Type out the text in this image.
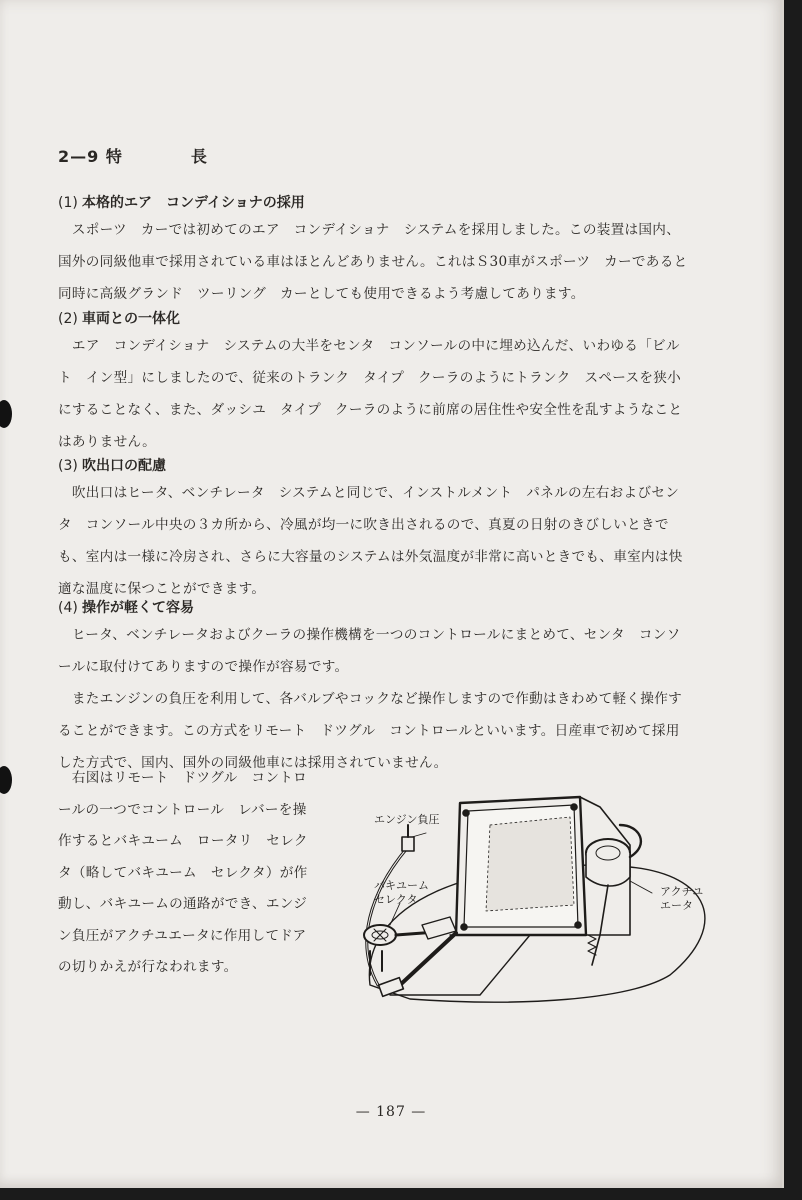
2—9 特　　　　長
(1) 本格的エア　コンデイショナの採用
　スポーツ　カーでは初めてのエア　コンデイショナ　システムを採用しました。この装置は国内、
国外の同級他車で採用されている車はほとんどありません。これはＳ30車がスポーツ　カーであると
同時に高級グランド　ツーリング　カーとしても使用できるよう考慮してあります。
(2) 車両との一体化
　エア　コンデイショナ　システムの大半をセンタ　コンソールの中に埋め込んだ、いわゆる「ビル
ト　イン型」にしましたので、従来のトランク　タイプ　クーラのようにトランク　スペースを狭小
にすることなく、また、ダッシユ　タイプ　クーラのように前席の居住性や安全性を乱すようなこと
はありません。
(3) 吹出口の配慮
　吹出口はヒータ、ベンチレータ　システムと同じで、インストルメント　パネルの左右およびセン
タ　コンソール中央の３カ所から、冷風が均一に吹き出されるので、真夏の日射のきびしいときで
も、室内は一様に冷房され、さらに大容量のシステムは外気温度が非常に高いときでも、車室内は快
適な温度に保つことができます。
(4) 操作が軽くて容易
　ヒータ、ベンチレータおよびクーラの操作機構を一つのコントロールにまとめて、センタ　コンソ
ールに取付けてありますので操作が容易です。
　またエンジンの負圧を利用して、各バルブやコックなど操作しますので作動はきわめて軽く操作す
ることができます。この方式をリモート　ドツグル　コントロールといいます。日産車で初めて採用
した方式で、国内、国外の同級他車には採用されていません。
　右図はリモート　ドツグル　コントロ
ールの一つでコントロール　レバーを操
作するとバキユーム　ロータリ　セレク
タ（略してバキユーム　セレクタ）が作
動し、バキユームの通路ができ、エンジ
ン負圧がアクチユエータに作用してドア
の切りかえが行なわれます。
エンジン負圧
バキユーム
セレクタ
アクチユ
エータ
— 187 —
